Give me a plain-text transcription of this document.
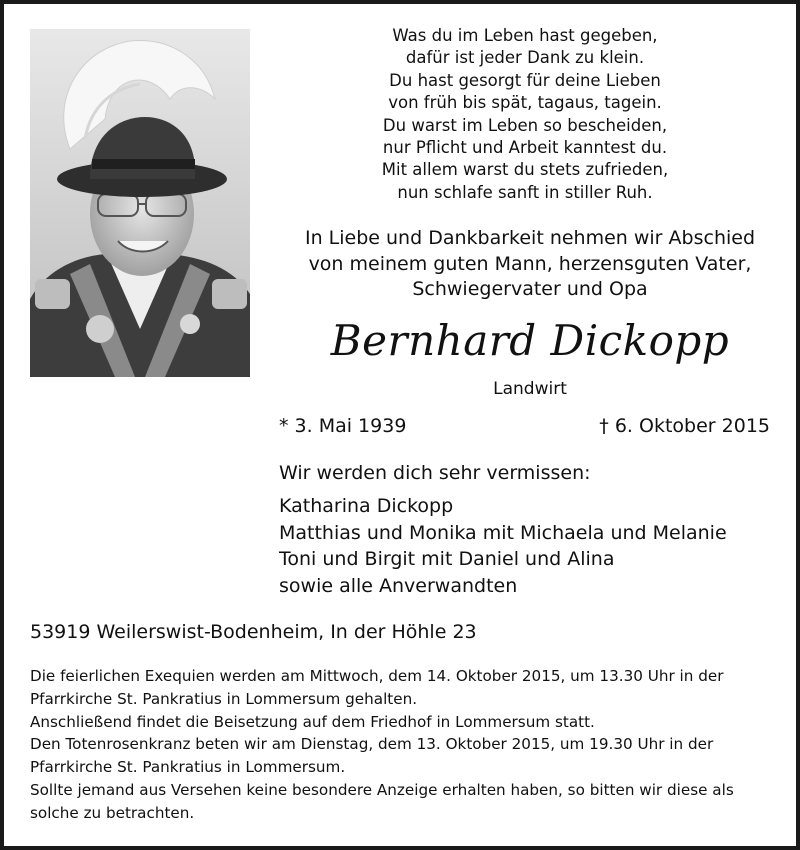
Was du im Leben hast gegeben,
dafür ist jeder Dank zu klein.
Du hast gesorgt für deine Lieben
von früh bis spät, tagaus, tagein.
Du warst im Leben so bescheiden,
nur Pflicht und Arbeit kanntest du.
Mit allem warst du stets zufrieden,
nun schlafe sanft in stiller Ruh.
In Liebe und Dankbarkeit nehmen wir Abschied
von meinem guten Mann, herzensguten Vater,
Schwiegervater und Opa
Bernhard Dickopp
Landwirt
* 3. Mai 1939	† 6. Oktober 2015
Wir werden dich sehr vermissen:
Katharina Dickopp
Matthias und Monika mit Michaela und Melanie
Toni und Birgit mit Daniel und Alina
sowie alle Anverwandten
53919 Weilerswist-Bodenheim, In der Höhle 23

Die feierlichen Exequien werden am Mittwoch, dem 14. Oktober 2015, um 13.30 Uhr in der Pfarrkirche St. Pankratius in Lommersum gehalten.

Anschließend findet die Beisetzung auf dem Friedhof in Lommersum statt.

Den Totenrosenkranz beten wir am Dienstag, dem 13. Oktober 2015, um 19.30 Uhr in der Pfarrkirche St. Pankratius in Lommersum.

Sollte jemand aus Versehen keine besondere Anzeige erhalten haben, so bitten wir diese als solche zu betrachten.
